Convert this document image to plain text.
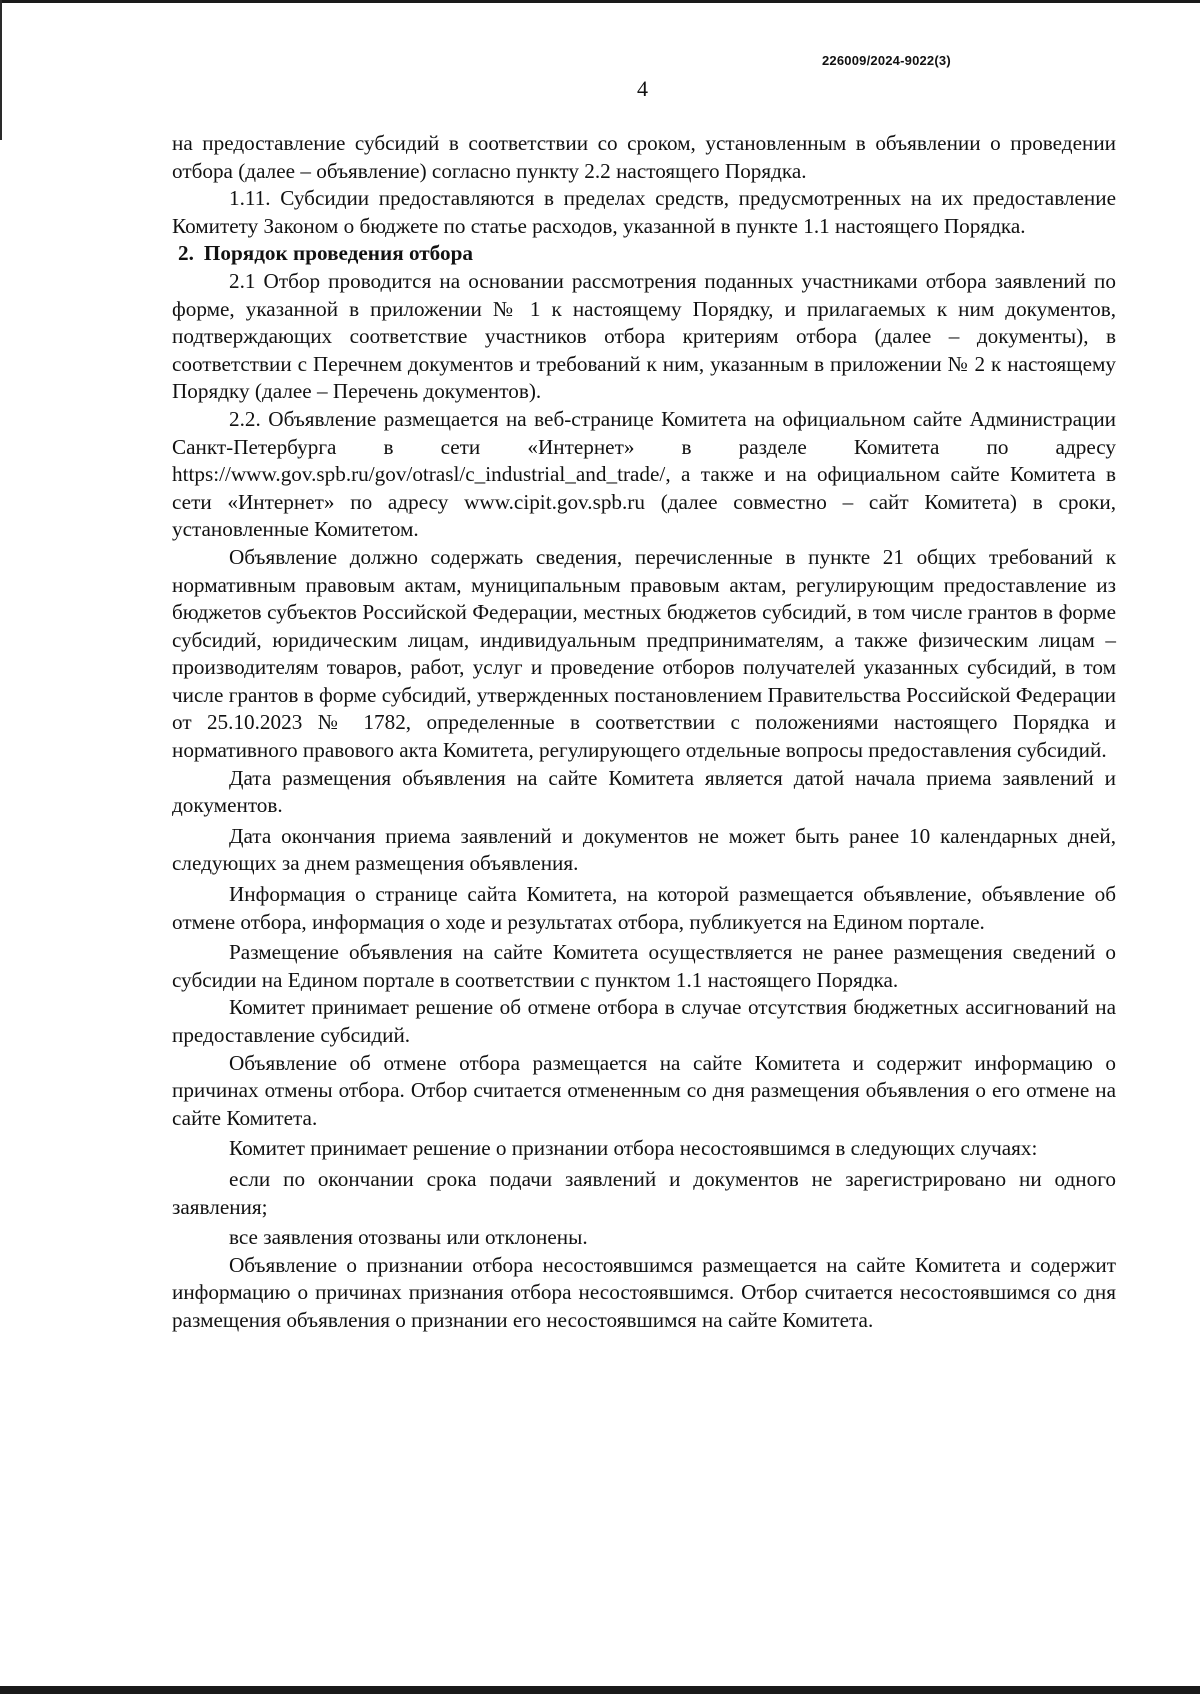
226009/2024-9022(3)
4

на предоставление субсидий в соответствии со сроком, установленным в объявлении о проведении отбора (далее – объявление) согласно пункту 2.2 настоящего Порядка.

1.11. Субсидии предоставляются в пределах средств, предусмотренных на их предоставление Комитету Законом о бюджете по статье расходов, указанной в пункте 1.1 настоящего Порядка.

2. Порядок проведения отбора

2.1 Отбор проводится на основании рассмотрения поданных участниками отбора заявлений по форме, указанной в приложении № 1 к настоящему Порядку, и прилагаемых к ним документов, подтверждающих соответствие участников отбора критериям отбора (далее – документы), в соответствии с Перечнем документов и требований к ним, указанным в приложении № 2 к настоящему Порядку (далее – Перечень документов).

2.2. Объявление размещается на веб-странице Комитета на официальном сайте Администрации Санкт-Петербурга в сети «Интернет» в разделе Комитета по адресу https://www.gov.spb.ru/gov/otrasl/c_industrial_and_trade/, а также и на официальном сайте Комитета в сети «Интернет» по адресу www.cipit.gov.spb.ru (далее совместно – сайт Комитета) в сроки, установленные Комитетом.

Объявление должно содержать сведения, перечисленные в пункте 21 общих требований к нормативным правовым актам, муниципальным правовым актам, регулирующим предоставление из бюджетов субъектов Российской Федерации, местных бюджетов субсидий, в том числе грантов в форме субсидий, юридическим лицам, индивидуальным предпринимателям, а также физическим лицам – производителям товаров, работ, услуг и проведение отборов получателей указанных субсидий, в том числе грантов в форме субсидий, утвержденных постановлением Правительства Российской Федерации от 25.10.2023 № 1782, определенные в соответствии с положениями настоящего Порядка и нормативного правового акта Комитета, регулирующего отдельные вопросы предоставления субсидий.

Дата размещения объявления на сайте Комитета является датой начала приема заявлений и документов.

Дата окончания приема заявлений и документов не может быть ранее 10 календарных дней, следующих за днем размещения объявления.

Информация о странице сайта Комитета, на которой размещается объявление, объявление об отмене отбора, информация о ходе и результатах отбора, публикуется на Едином портале.

Размещение объявления на сайте Комитета осуществляется не ранее размещения сведений о субсидии на Едином портале в соответствии с пунктом 1.1 настоящего Порядка.

Комитет принимает решение об отмене отбора в случае отсутствия бюджетных ассигнований на предоставление субсидий.

Объявление об отмене отбора размещается на сайте Комитета и содержит информацию о причинах отмены отбора. Отбор считается отмененным со дня размещения объявления о его отмене на сайте Комитета.

Комитет принимает решение о признании отбора несостоявшимся в следующих случаях:

если по окончании срока подачи заявлений и документов не зарегистрировано ни одного заявления;

все заявления отозваны или отклонены.

Объявление о признании отбора несостоявшимся размещается на сайте Комитета и содержит информацию о причинах признания отбора несостоявшимся. Отбор считается несостоявшимся со дня размещения объявления о признании его несостоявшимся на сайте Комитета.
